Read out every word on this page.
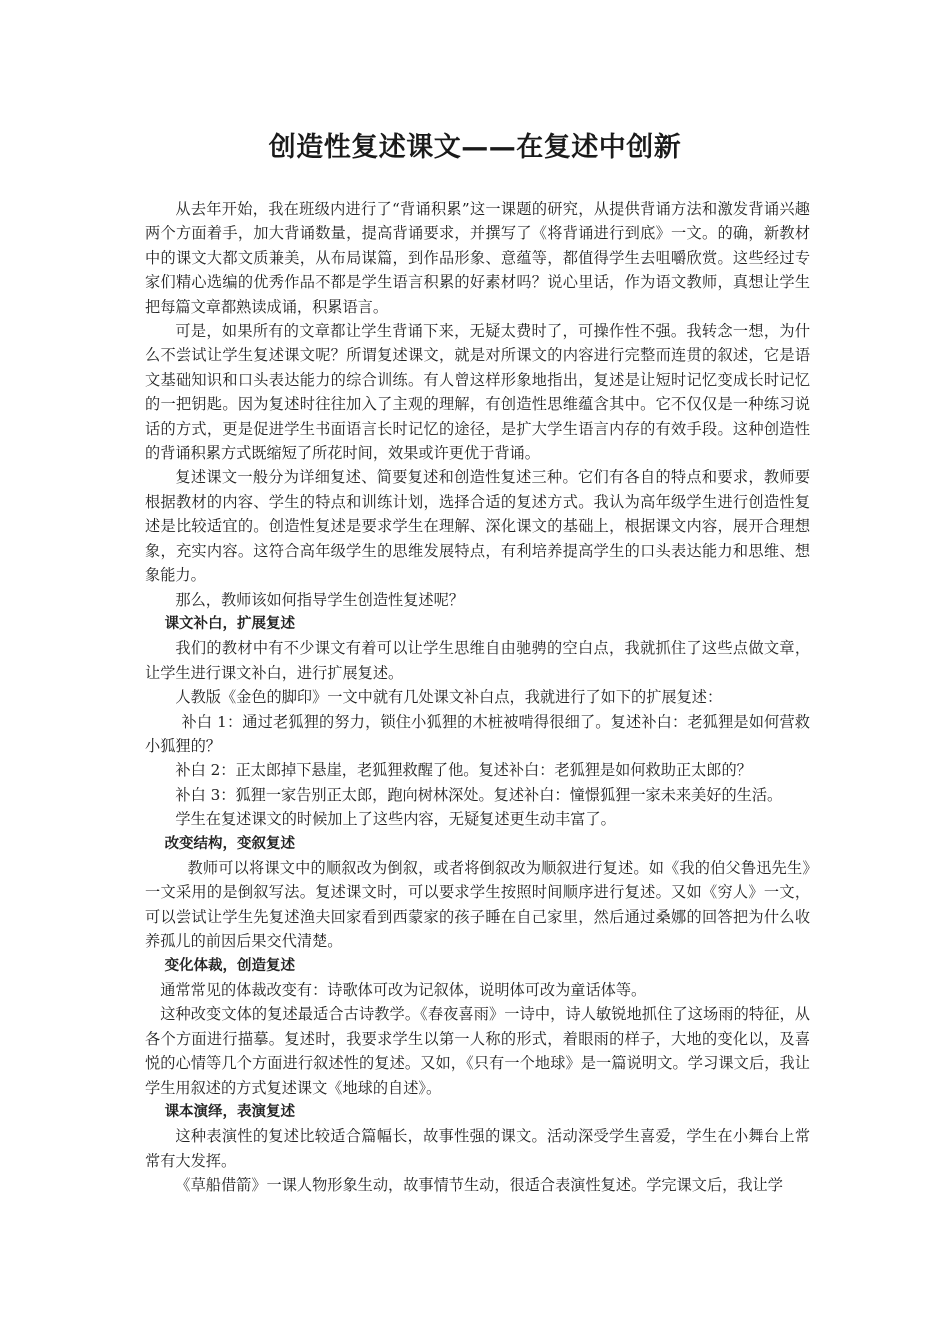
创造性复述课文——在复述中创新

从去年开始，我在班级内进行了“背诵积累”这一课题的研究，从提供背诵方法和激发背诵兴趣两个方面着手，加大背诵数量，提高背诵要求，并撰写了《将背诵进行到底》一文。的确，新教材中的课文大都文质兼美，从布局谋篇，到作品形象、意蕴等，都值得学生去咀嚼欣赏。这些经过专家们精心选编的优秀作品不都是学生语言积累的好素材吗？说心里话，作为语文教师，真想让学生把每篇文章都熟读成诵，积累语言。

可是，如果所有的文章都让学生背诵下来，无疑太费时了，可操作性不强。我转念一想，为什么不尝试让学生复述课文呢？所谓复述课文，就是对所课文的内容进行完整而连贯的叙述，它是语文基础知识和口头表达能力的综合训练。有人曾这样形象地指出，复述是让短时记忆变成长时记忆的一把钥匙。因为复述时往往加入了主观的理解，有创造性思维蕴含其中。它不仅仅是一种练习说话的方式，更是促进学生书面语言长时记忆的途径，是扩大学生语言内存的有效手段。这种创造性的背诵积累方式既缩短了所花时间，效果或许更优于背诵。

复述课文一般分为详细复述、简要复述和创造性复述三种。它们有各自的特点和要求，教师要根据教材的内容、学生的特点和训练计划，选择合适的复述方式。我认为高年级学生进行创造性复述是比较适宜的。创造性复述是要求学生在理解、深化课文的基础上，根据课文内容，展开合理想象，充实内容。这符合高年级学生的思维发展特点，有利培养提高学生的口头表达能力和思维、想象能力。

那么，教师该如何指导学生创造性复述呢？

课文补白，扩展复述

我们的教材中有不少课文有着可以让学生思维自由驰骋的空白点，我就抓住了这些点做文章，让学生进行课文补白，进行扩展复述。

人教版《金色的脚印》一文中就有几处课文补白点，我就进行了如下的扩展复述：

补白 1：通过老狐狸的努力，锁住小狐狸的木桩被啃得很细了。复述补白：老狐狸是如何营救小狐狸的？

补白 2：正太郎掉下悬崖，老狐狸救醒了他。复述补白：老狐狸是如何救助正太郎的？

补白 3：狐狸一家告别正太郎，跑向树林深处。复述补白：憧憬狐狸一家未来美好的生活。

学生在复述课文的时候加上了这些内容，无疑复述更生动丰富了。

改变结构，变叙复述

教师可以将课文中的顺叙改为倒叙，或者将倒叙改为顺叙进行复述。如《我的伯父鲁迅先生》一文采用的是倒叙写法。复述课文时，可以要求学生按照时间顺序进行复述。又如《穷人》一文，可以尝试让学生先复述渔夫回家看到西蒙家的孩子睡在自己家里，然后通过桑娜的回答把为什么收养孤儿的前因后果交代清楚。

变化体裁，创造复述

通常常见的体裁改变有：诗歌体可改为记叙体，说明体可改为童话体等。

这种改变文体的复述最适合古诗教学。《春夜喜雨》一诗中，诗人敏锐地抓住了这场雨的特征，从各个方面进行描摹。复述时，我要求学生以第一人称的形式，着眼雨的样子，大地的变化以，及喜悦的心情等几个方面进行叙述性的复述。又如，《只有一个地球》是一篇说明文。学习课文后，我让学生用叙述的方式复述课文《地球的自述》。

课本演绎，表演复述

这种表演性的复述比较适合篇幅长，故事性强的课文。活动深受学生喜爱，学生在小舞台上常常有大发挥。

《草船借箭》一课人物形象生动，故事情节生动，很适合表演性复述。学完课文后，我让学
